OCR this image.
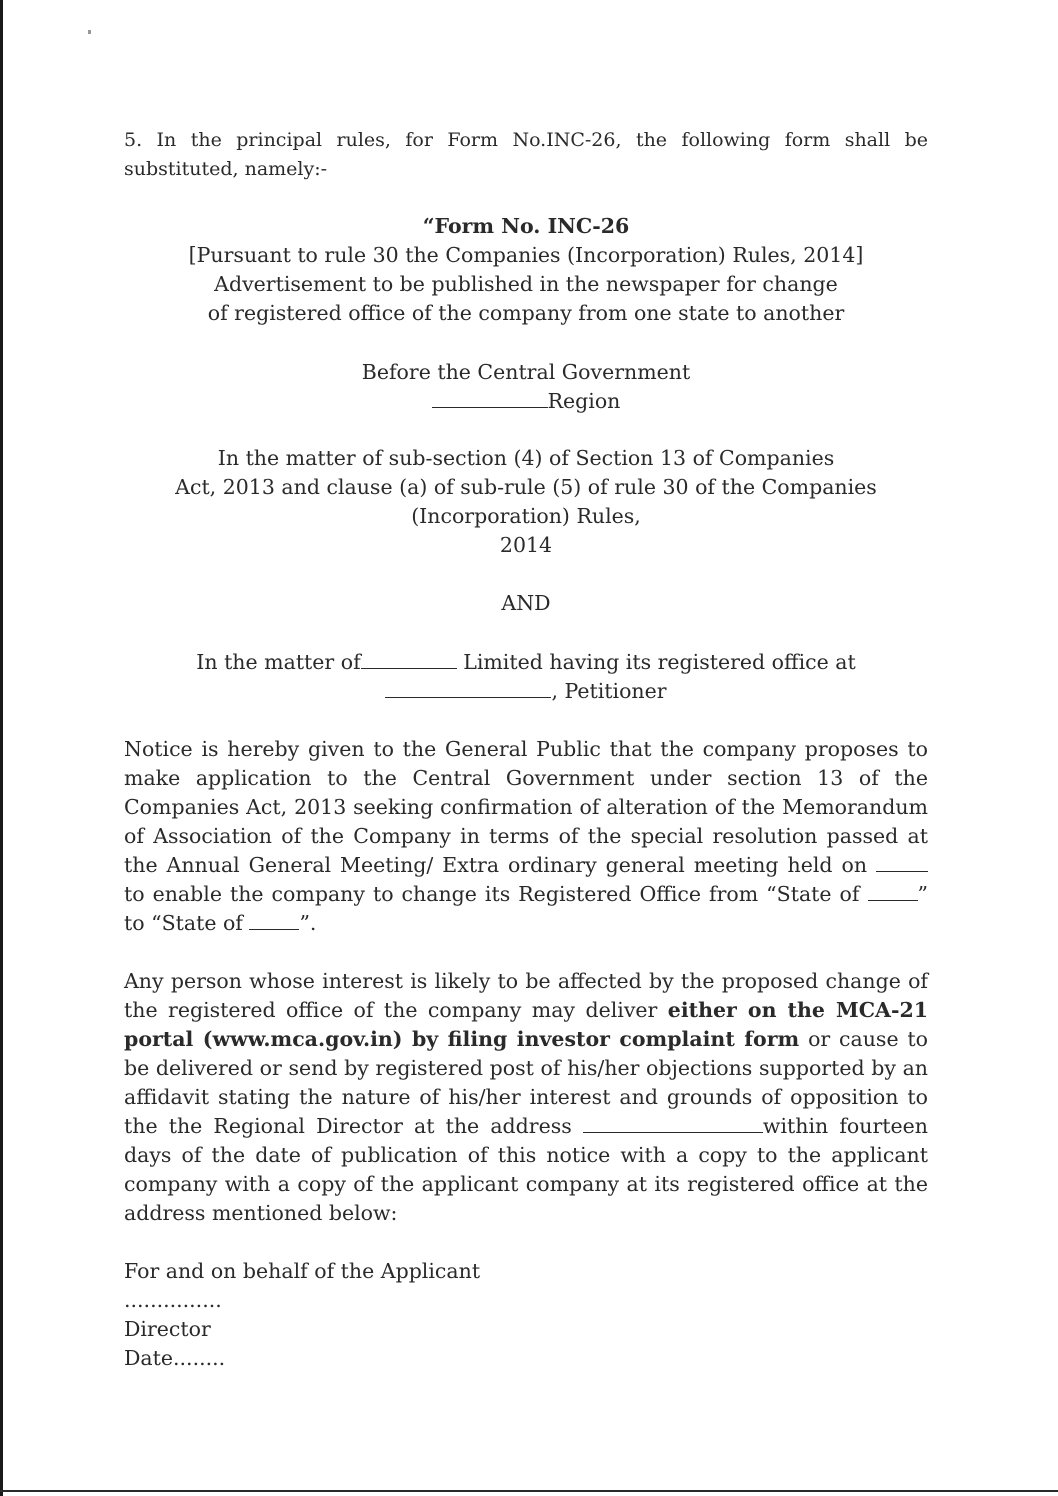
5. In the principal rules, for Form No.INC-26, the following form shall be substituted, namely:-

“Form No. INC-26

[Pursuant to rule 30 the Companies (Incorporation) Rules, 2014]

Advertisement to be published in the newspaper for change

of registered office of the company from one state to another

Before the Central Government

Region

In the matter of sub-section (4) of Section 13 of Companies

Act, 2013 and clause (a) of sub-rule (5) of rule 30 of the Companies

(Incorporation) Rules,

2014

AND

In the matter of	Limited having its registered office at

, Petitioner

Notice is hereby given to the General Public that the company proposes to make application to the Central Government under section 13 of the Companies Act, 2013 seeking confirmation of alteration of the Memorandum of Association of the Company in terms of the special resolution passed at the Annual General Meeting/ Extra ordinary general meeting held on  to enable the company to change its Registered Office from “State of	” to “State of	”.

Any person whose interest is likely to be affected by the proposed change of the registered office of the company may deliver either on the MCA-21 portal (www.mca.gov.in) by filing investor complaint form or cause to be delivered or send by registered post of his/her objections supported by an affidavit stating the nature of his/her interest and grounds of opposition to the the Regional Director at the address	within fourteen days of the date of publication of this notice with a copy to the applicant company with a copy of the applicant company at its registered office at the address mentioned below:

For and on behalf of the Applicant

...............

Director

Date........
